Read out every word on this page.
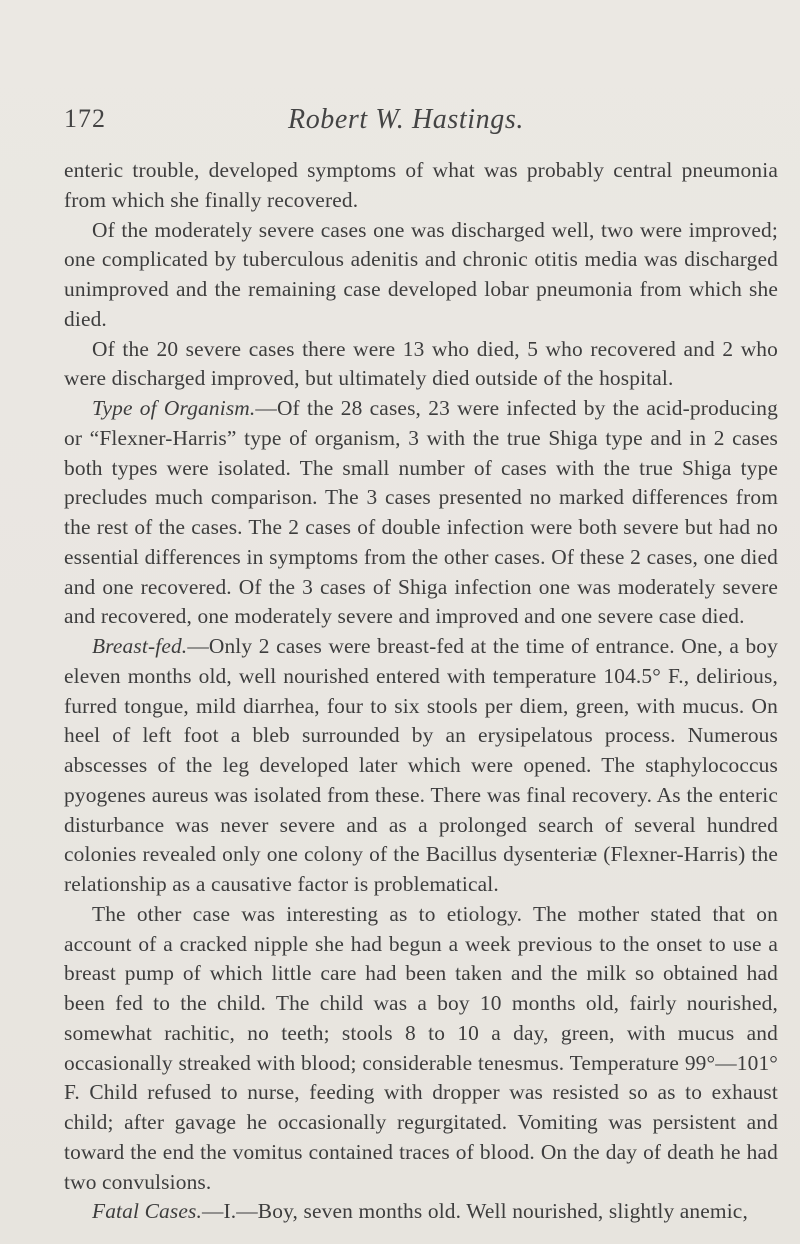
172	Robert W. Hastings.

enteric trouble, developed symptoms of what was probably central pneumonia from which she finally recovered.

Of the moderately severe cases one was discharged well, two were improved; one complicated by tuberculous adenitis and chronic otitis media was discharged unimproved and the remaining case developed lobar pneumonia from which she died.

Of the 20 severe cases there were 13 who died, 5 who recovered and 2 who were discharged improved, but ultimately died outside of the hospital.

Type of Organism.—Of the 28 cases, 23 were infected by the acid-producing or “Flexner-Harris” type of organism, 3 with the true Shiga type and in 2 cases both types were isolated. The small number of cases with the true Shiga type precludes much comparison. The 3 cases presented no marked differences from the rest of the cases. The 2 cases of double infection were both severe but had no essential differences in symptoms from the other cases. Of these 2 cases, one died and one recovered. Of the 3 cases of Shiga infection one was moderately severe and recovered, one moderately severe and improved and one severe case died.

Breast-fed.—Only 2 cases were breast-fed at the time of entrance. One, a boy eleven months old, well nourished entered with temperature 104.5° F., delirious, furred tongue, mild diarrhea, four to six stools per diem, green, with mucus. On heel of left foot a bleb surrounded by an erysipelatous process. Numerous abscesses of the leg developed later which were opened. The staphylococcus pyogenes aureus was isolated from these. There was final recovery. As the enteric disturbance was never severe and as a prolonged search of several hundred colonies revealed only one colony of the Bacillus dysenteriæ (Flexner-Harris) the relationship as a causative factor is problematical.

The other case was interesting as to etiology. The mother stated that on account of a cracked nipple she had begun a week previous to the onset to use a breast pump of which little care had been taken and the milk so obtained had been fed to the child. The child was a boy 10 months old, fairly nourished, somewhat rachitic, no teeth; stools 8 to 10 a day, green, with mucus and occasionally streaked with blood; considerable tenesmus. Temperature 99°—101° F. Child refused to nurse, feeding with dropper was resisted so as to exhaust child; after gavage he occasionally regurgitated. Vomiting was persistent and toward the end the vomitus contained traces of blood. On the day of death he had two convulsions.

Fatal Cases.—I.—Boy, seven months old. Well nourished, slightly anemic,
